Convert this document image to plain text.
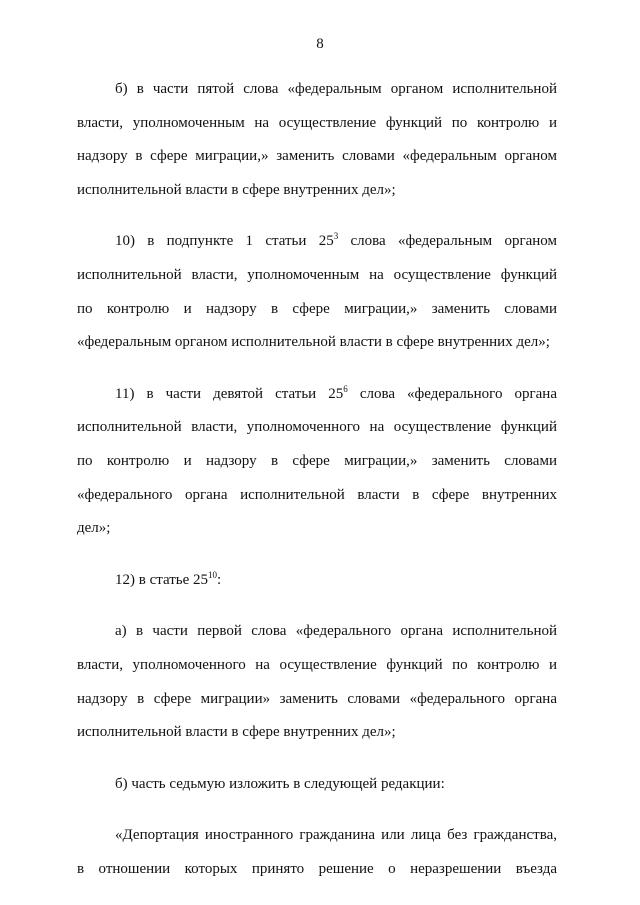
8
б) в части пятой слова «федеральным органом исполнительной
власти, уполномоченным на осуществление функций по контролю и
надзору в сфере миграции,» заменить словами «федеральным органом
исполнительной власти в сфере внутренних дел»;
10) в подпункте 1 статьи $25^3$ слова «федеральным органом
исполнительной власти, уполномоченным на осуществление функций
по контролю и надзору в сфере миграции,» заменить словами
«федеральным органом исполнительной власти в сфере внутренних дел»;
11) в части девятой статьи $25^6$ слова «федерального органа
исполнительной власти, уполномоченного на осуществление функций
по контролю и надзору в сфере миграции,» заменить словами
«федерального органа исполнительной власти в сфере внутренних
дел»;
12) в статье $25^{10}$:
а) в части первой слова «федерального органа исполнительной
власти, уполномоченного на осуществление функций по контролю и
надзору в сфере миграции» заменить словами «федерального органа
исполнительной власти в сфере внутренних дел»;
б) часть седьмую изложить в следующей редакции:
«Депортация иностранного гражданина или лица без гражданства,
в отношении которых принято решение о неразрешении въезда
